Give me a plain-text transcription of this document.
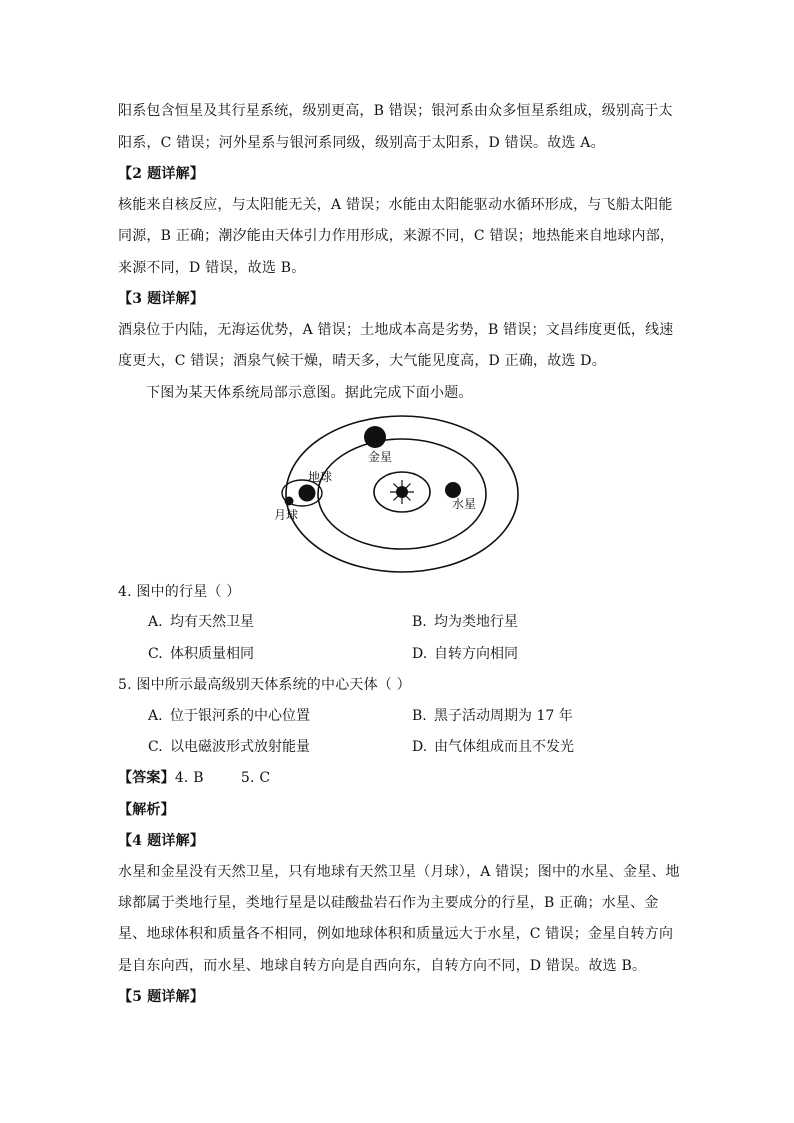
阳系包含恒星及其行星系统，级别更高，B 错误；银河系由众多恒星系组成，级别高于太
阳系，C 错误；河外星系与银河系同级，级别高于太阳系，D 错误。故选 A。
【2 题详解】
核能来自核反应，与太阳能无关，A 错误；水能由太阳能驱动水循环形成，与飞船太阳能
同源，B 正确；潮汐能由天体引力作用形成，来源不同，C 错误；地热能来自地球内部，
来源不同，D 错误，故选 B。
【3 题详解】
酒泉位于内陆，无海运优势，A 错误；土地成本高是劣势，B 错误；文昌纬度更低，线速
度更大，C 错误；酒泉气候干燥，晴天多，大气能见度高，D 正确，故选 D。
下图为某天体系统局部示意图。据此完成下面小题。
水星
金星
地球
月球
4. 图中的行星（ ）
A. 均有天然卫星	B. 均为类地行星
C. 体积质量相同	D. 自转方向相同
5. 图中所示最高级别天体系统的中心天体（ ）
A. 位于银河系的中心位置	B. 黑子活动周期为 17 年
C. 以电磁波形式放射能量	D. 由气体组成而且不发光
【答案】4. B        5. C
【解析】
【4 题详解】
水星和金星没有天然卫星，只有地球有天然卫星（月球），A 错误；图中的水星、金星、地
球都属于类地行星，类地行星是以硅酸盐岩石作为主要成分的行星，B 正确；水星、金
星、地球体积和质量各不相同，例如地球体积和质量远大于水星，C 错误；金星自转方向
是自东向西，而水星、地球自转方向是自西向东，自转方向不同，D 错误。故选 B。
【5 题详解】
